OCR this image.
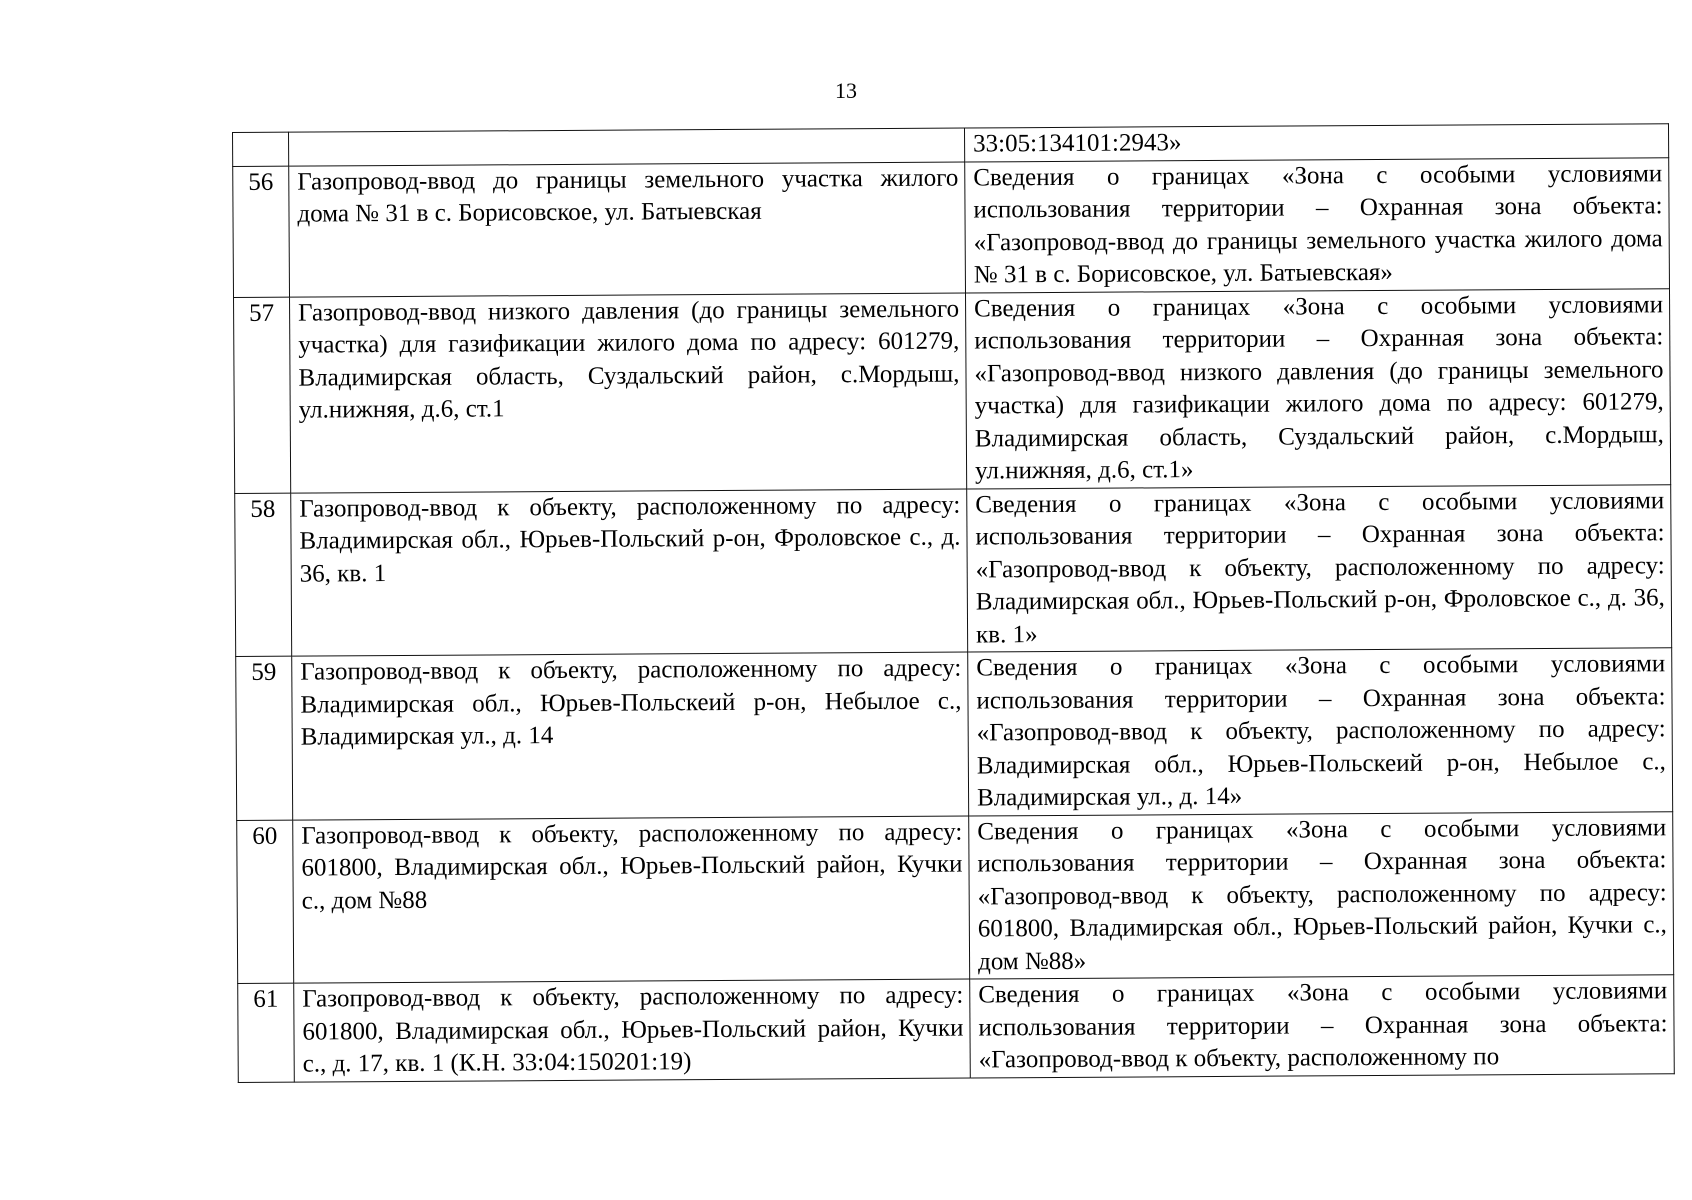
13
		33:05:134101:2943»
56	Газопровод-ввод до границы земельного участка жилого дома № 31 в с. Борисовское, ул. Батыевская	Сведения о границах «Зона с особыми условиями использования территории – Охранная зона объекта: «Газопровод-ввод до границы земельного участка жилого дома № 31 в с. Борисовское, ул. Батыевская»
57	Газопровод-ввод низкого давления (до границы земельного участка) для газификации жилого дома по адресу: 601279, Владимирская область, Суздальский район, с.Мордыш, ул.нижняя, д.6, ст.1	Сведения о границах «Зона с особыми условиями использования территории – Охранная зона объекта: «Газопровод-ввод низкого давления (до границы земельного участка) для газификации жилого дома по адресу: 601279, Владимирская область, Суздальский район, с.Мордыш, ул.нижняя, д.6, ст.1»
58	Газопровод-ввод к объекту, расположенному по адресу: Владимирская обл., Юрьев-Польский р-он, Фроловское с., д. 36, кв. 1	Сведения о границах «Зона с особыми условиями использования территории – Охранная зона объекта: «Газопровод-ввод к объекту, расположенному по адресу: Владимирская обл., Юрьев-Польский р-он, Фроловское с., д. 36, кв. 1»
59	Газопровод-ввод к объекту, расположенному по адресу: Владимирская обл., Юрьев-Польскеий р-он, Небылое с., Владимирская ул., д. 14	Сведения о границах «Зона с особыми условиями использования территории – Охранная зона объекта: «Газопровод-ввод к объекту, расположенному по адресу: Владимирская обл., Юрьев-Польскеий р-он, Небылое с., Владимирская ул., д. 14»
60	Газопровод-ввод к объекту, расположенному по адресу: 601800, Владимирская обл., Юрьев-Польский район, Кучки с., дом №88	Сведения о границах «Зона с особыми условиями использования территории – Охранная зона объекта: «Газопровод-ввод к объекту, расположенному по адресу: 601800, Владимирская обл., Юрьев-Польский район, Кучки с., дом №88»
61	Газопровод-ввод к объекту, расположенному по адресу: 601800, Владимирская обл., Юрьев-Польский район, Кучки с., д. 17, кв. 1 (К.Н. 33:04:150201:19)	Сведения о границах «Зона с особыми условиями использования территории – Охранная зона объекта: «Газопровод-ввод к объекту, расположенному по
